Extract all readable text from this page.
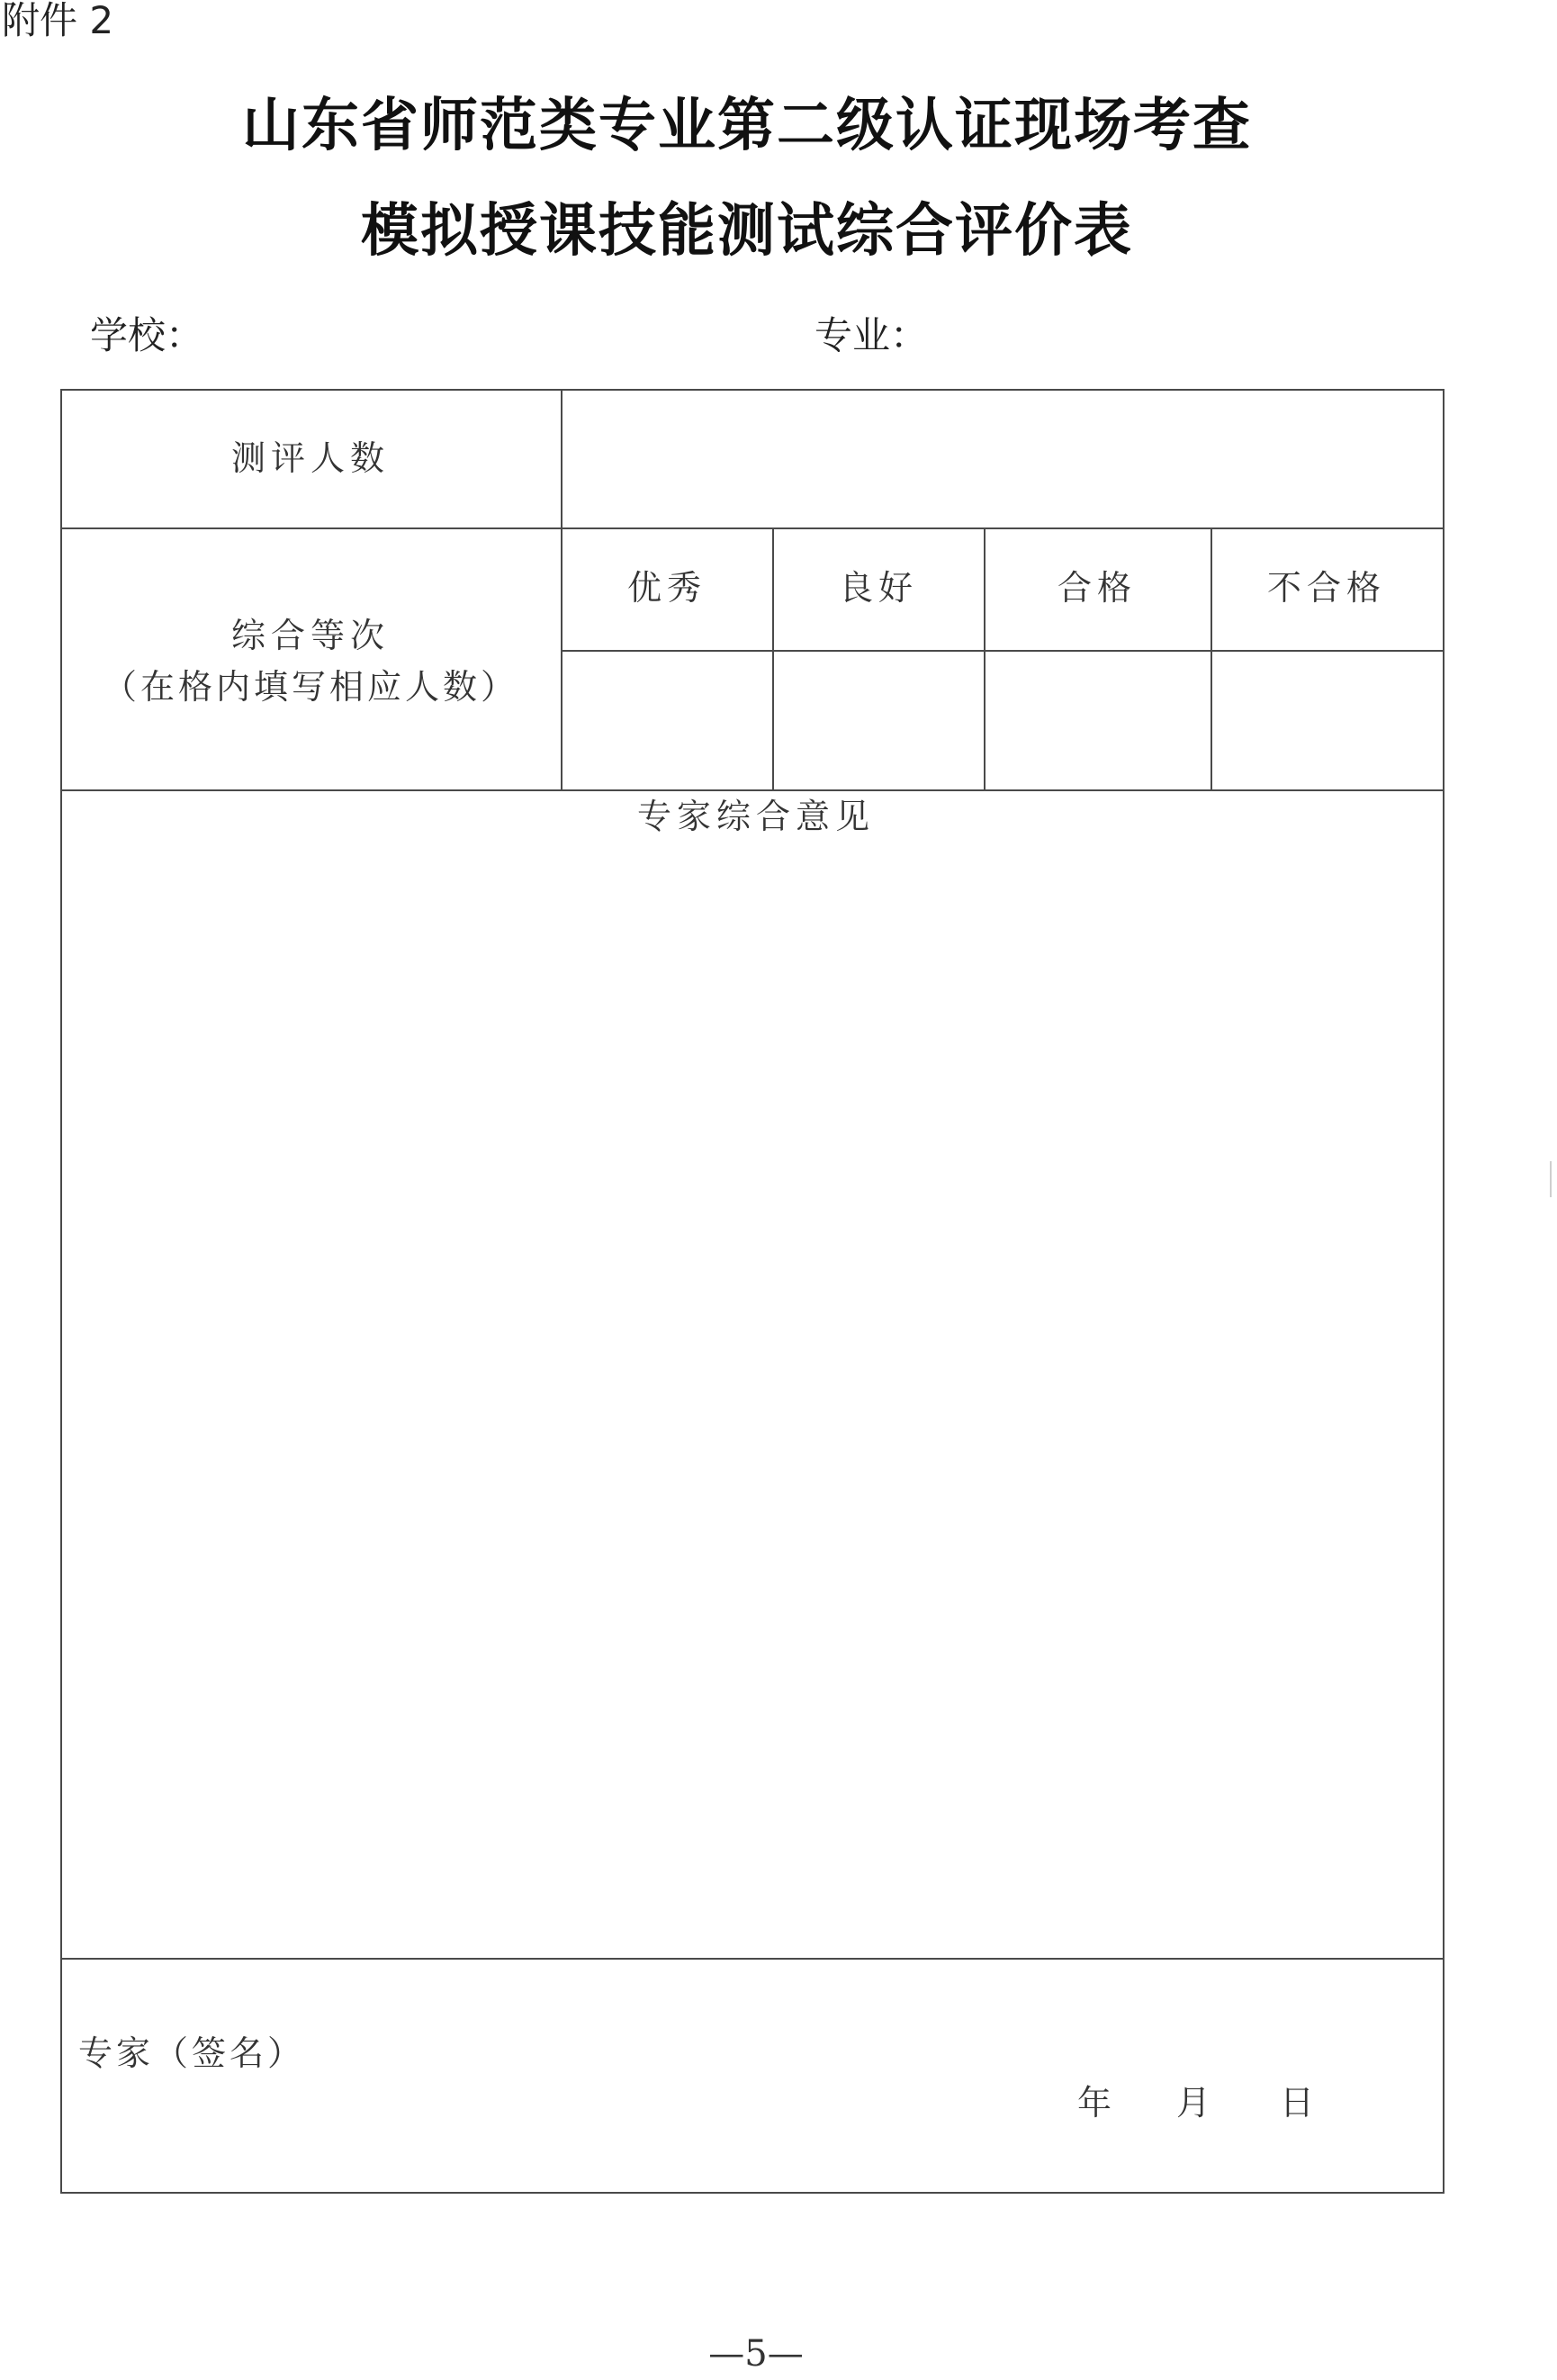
附件 2
山东省师范类专业第二级认证现场考查
模拟授课技能测试综合评价表
学校：	专业：
测评人数
综合等次
（在格内填写相应人数）
优秀	良好	合格	不合格
专家综合意见
专家（签名）
年 月 日
—5—
